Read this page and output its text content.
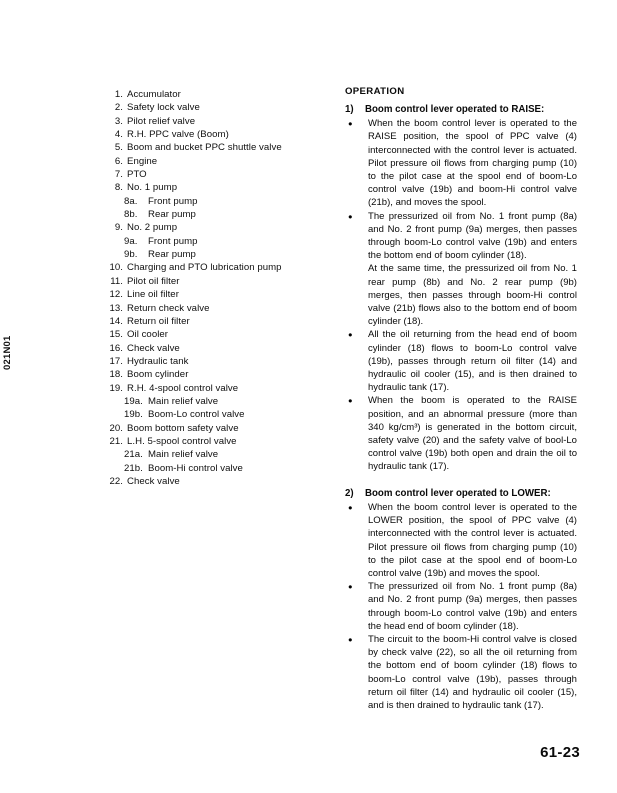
021N01
1. Accumulator
2. Safety lock valve
3. Pilot relief valve
4. R.H. PPC valve (Boom)
5. Boom and bucket PPC shuttle valve
6. Engine
7. PTO
8. No. 1 pump
8a.	Front pump
8b.	Rear pump
9. No. 2 pump
9a.	Front pump
9b.	Rear pump
10. Charging and PTO lubrication pump
11. Pilot oil filter
12. Line oil filter
13. Return check valve
14. Return oil filter
15. Oil cooler
16. Check valve
17. Hydraulic tank
18. Boom cylinder
19. R.H. 4-spool control valve
19a. Main relief valve
19b. Boom-Lo control valve
20. Boom bottom safety valve
21. L.H. 5-spool control valve
21a. Main relief valve
21b. Boom-Hi control valve
22. Check valve
OPERATION
1)	Boom control lever operated to RAISE:
●	When the boom control lever is operated to the RAISE position, the spool of PPC valve (4) interconnected with the control lever is actuated. Pilot pressure oil flows from charging pump (10) to the pilot case at the spool end of boom-Lo control valve (19b) and boom-Hi control valve (21b), and moves the spool.

●	The pressurized oil from No. 1 front pump (8a) and No. 2 front pump (9a) merges, then passes through boom-Lo control valve (19b) and enters the bottom end of boom cylinder (18).

At the same time, the pressurized oil from No. 1 rear pump (8b) and No. 2 rear pump (9b) merges, then passes through boom-Hi control valve (21b) flows also to the bottom end of boom cylinder (18).

●	All the oil returning from the head end of boom cylinder (18) flows to boom-Lo control valve (19b), passes through return oil filter (14) and hydraulic oil cooler (15), and is then drained to hydraulic tank (17).

●	When the boom is operated to the RAISE position, and an abnormal pressure (more than 340 kg/cm³) is generated in the bottom circuit, safety valve (20) and the safety valve of bool-Lo control valve (19b) both open and drain the oil to hydraulic tank (17).

2)	Boom control lever operated to LOWER:
●	When the boom control lever is operated to the LOWER position, the spool of PPC valve (4) interconnected with the control lever is actuated. Pilot pressure oil flows from charging pump (10) to the pilot case at the spool end of boom-Lo control valve (19b) and moves the spool.

●	The pressurized oil from No. 1 front pump (8a) and No. 2 front pump (9a) merges, then passes through boom-Lo control valve (19b) and enters the head end of boom cylinder (18).

●	The circuit to the boom-Hi control valve is closed by check valve (22), so all the oil returning from the bottom end of boom cylinder (18) flows to boom-Lo control valve (19b), passes through return oil filter (14) and hydraulic oil cooler (15), and is then drained to hydraulic tank (17).

61-23
